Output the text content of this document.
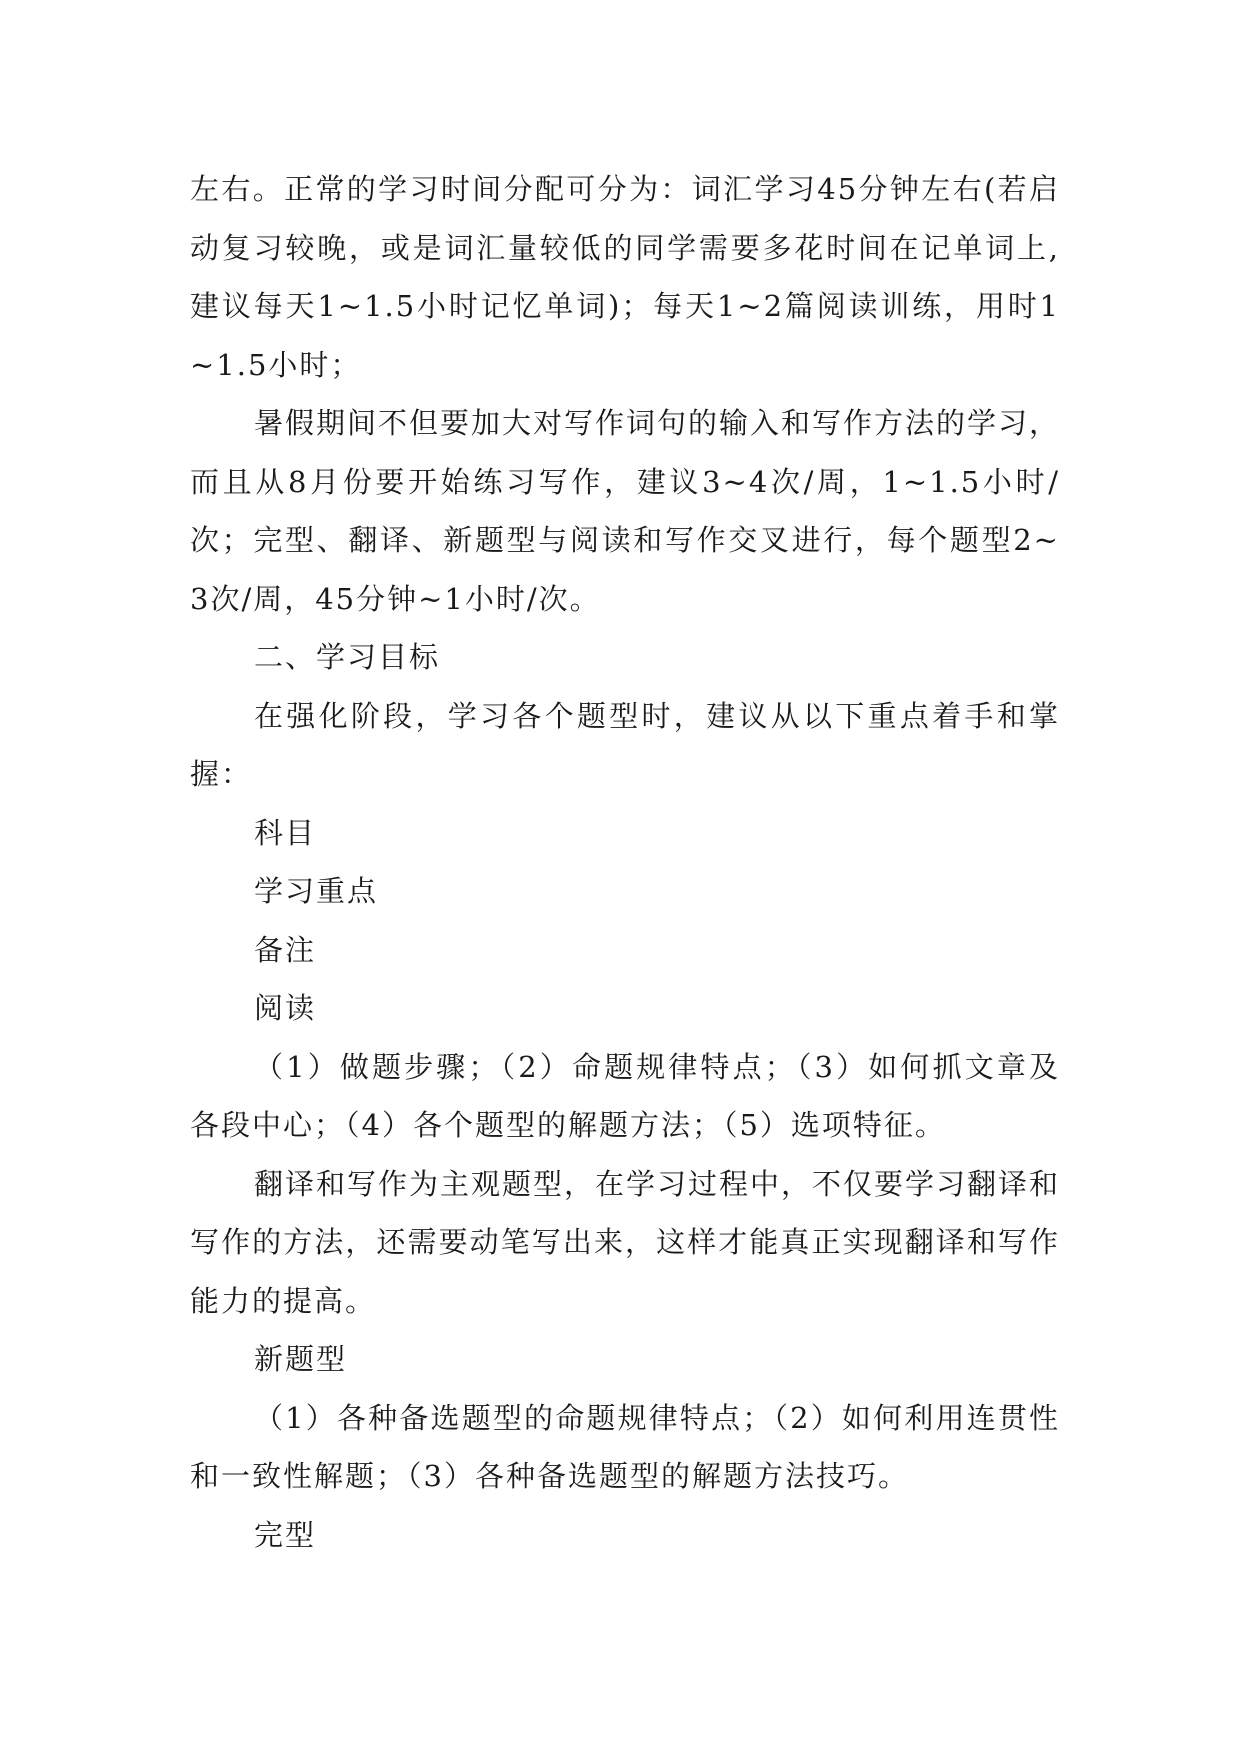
左右。正常的学习时间分配可分为：词汇学习45分钟左右(若启动复习较晚，或是词汇量较低的同学需要多花时间在记单词上,建议每天1~1.5小时记忆单词)；每天1~2篇阅读训练，用时1~1.5小时；

暑假期间不但要加大对写作词句的输入和写作方法的学习，而且从8月份要开始练习写作，建议3~4次/周，1~1.5小时/次；完型、翻译、新题型与阅读和写作交叉进行，每个题型2~3次/周，45分钟~1小时/次。

二、学习目标

在强化阶段，学习各个题型时，建议从以下重点着手和掌握：

科目

学习重点

备注

阅读

（1）做题步骤；（2）命题规律特点；（3）如何抓文章及各段中心；（4）各个题型的解题方法；（5）选项特征。

翻译和写作为主观题型，在学习过程中，不仅要学习翻译和写作的方法，还需要动笔写出来，这样才能真正实现翻译和写作能力的提高。

新题型

（1）各种备选题型的命题规律特点；（2）如何利用连贯性和一致性解题；（3）各种备选题型的解题方法技巧。

完型
